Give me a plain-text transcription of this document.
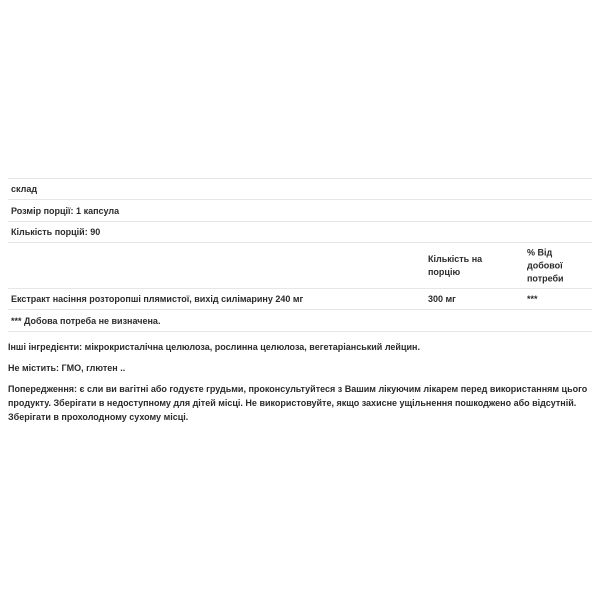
склад
Розмір порції: 1 капсула
Кількість порцій: 90
Кількість на порцію
% Від добової потреби
Екстракт насіння розторопші плямистої, вихід силімарину 240 мг	300 мг	***
*** Добова потреба не визначена.
Інші інгредієнти: мікрокристалічна целюлоза, рослинна целюлоза, вегетаріанський лейцин.
Не містить: ГМО, глютен ..
Попередження: є сли ви вагітні або годуєте грудьми, проконсультуйтеся з Вашим лікуючим лікарем перед використанням цього продукту. Зберігати в недоступному для дітей місці. Не використовуйте, якщо захисне ущільнення пошкоджено або відсутній. Зберігати в прохолодному сухому місці.
